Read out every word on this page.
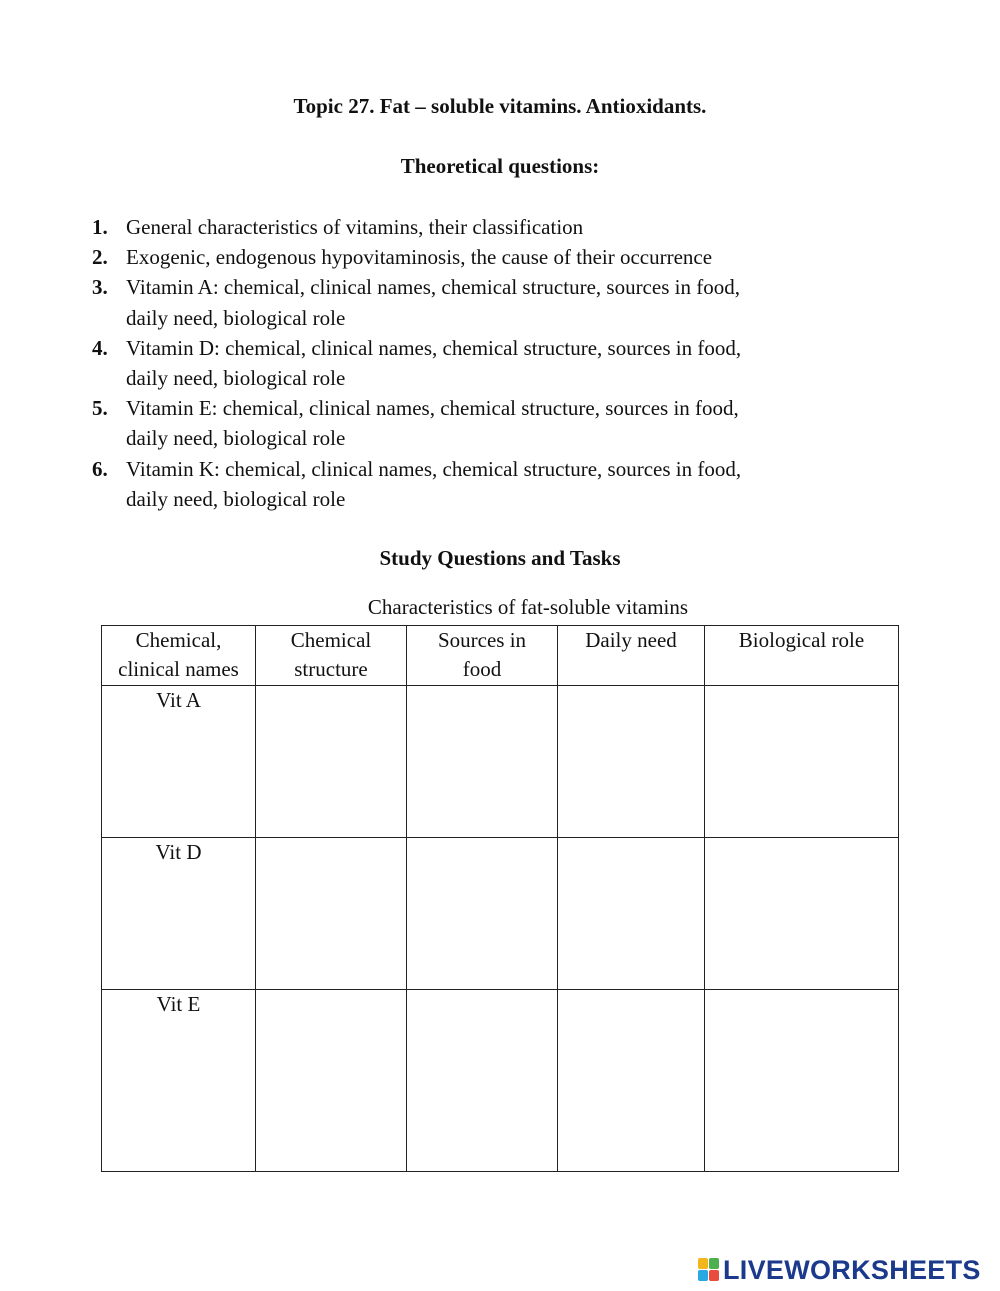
Topic 27. Fat – soluble vitamins. Antioxidants.
Theoretical questions:
1. General characteristics of vitamins, their classification
2. Exogenic, endogenous hypovitaminosis, the cause of their occurrence
3. Vitamin A: chemical, clinical names, chemical structure, sources in food,
daily need, biological role
4. Vitamin D: chemical, clinical names, chemical structure, sources in food,
daily need, biological role
5. Vitamin E: chemical, clinical names, chemical structure, sources in food,
daily need, biological role
6. Vitamin K: chemical, clinical names, chemical structure, sources in food,
daily need, biological role
Study Questions and Tasks

Characteristics of fat-soluble vitamins

Chemical,
clinical names	Chemical
structure	Sources in
food	Daily need	Biological role
Vit A				
Vit D				
Vit E				
LIVEWORKSHEETS
